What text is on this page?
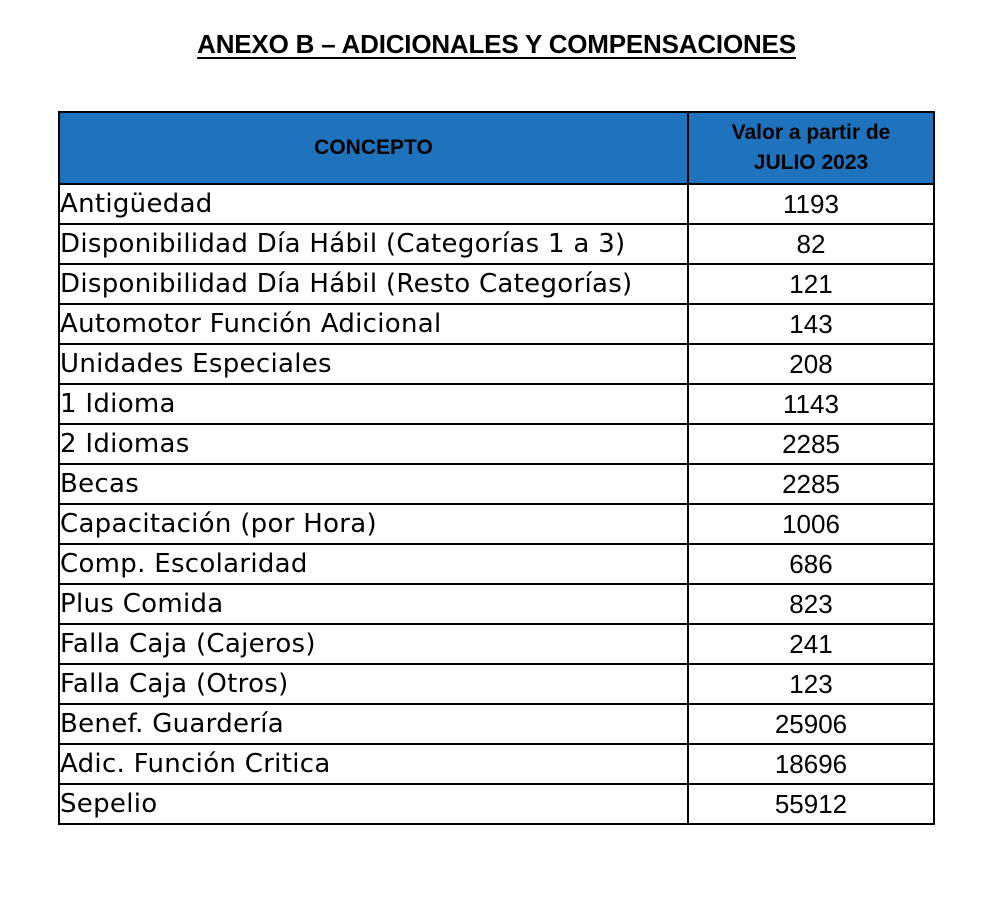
ANEXO B – ADICIONALES Y COMPENSACIONES
CONCEPTO	Valor a partir de
JULIO 2023

Antigüedad	1193
Disponibilidad Día Hábil (Categorías 1 a 3)	82
Disponibilidad Día Hábil (Resto Categorías)	121
Automotor Función Adicional	143
Unidades Especiales	208
1 Idioma	1143
2 Idiomas	2285
Becas	2285
Capacitación (por Hora)	1006
Comp. Escolaridad	686
Plus Comida	823
Falla Caja (Cajeros)	241
Falla Caja (Otros)	123
Benef. Guardería	25906
Adic. Función Critica	18696
Sepelio	55912
